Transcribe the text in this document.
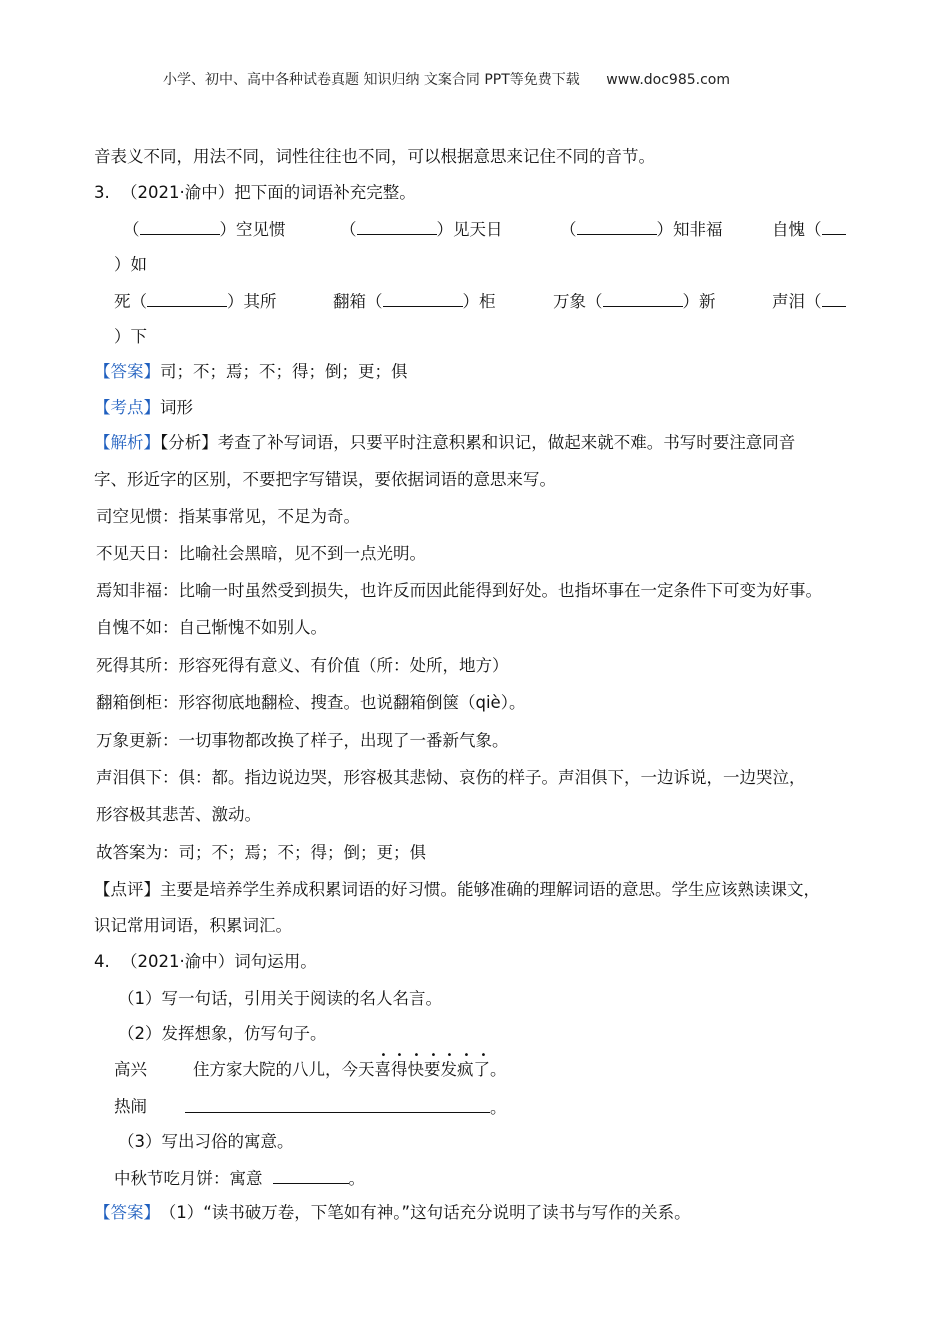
小学、初中、高中各种试卷真题 知识归纳 文案合同 PPT等免费下载 www.doc985.com
音表义不同，用法不同，词性往往也不同，可以根据意思来记住不同的音节。
3. （2021·渝中）把下面的词语补充完整。
（	）空见惯	（	）见天日	（	）知非福	自愧（
）如
死（	）其所	翻箱（	）柜	万象（	）新	声泪（
）下
【答案】司；不；焉；不；得；倒；更；俱
【考点】词形
【解析】【分析】考查了补写词语，只要平时注意积累和识记，做起来就不难。书写时要注意同音
字、形近字的区别，不要把字写错误，要依据词语的意思来写。
司空见惯：指某事常见，不足为奇。
不见天日：比喻社会黑暗，见不到一点光明。
焉知非福：比喻一时虽然受到损失，也许反而因此能得到好处。也指坏事在一定条件下可变为好事。
自愧不如：自己惭愧不如别人。
死得其所：形容死得有意义、有价值（所：处所，地方）
翻箱倒柜：形容彻底地翻检、搜查。也说翻箱倒箧（qiè）。
万象更新：一切事物都改换了样子，出现了一番新气象。
声泪俱下：俱：都。指边说边哭，形容极其悲恸、哀伤的样子。声泪俱下，一边诉说，一边哭泣，
形容极其悲苦、激动。
故答案为：司；不；焉；不；得；倒；更；俱
【点评】主要是培养学生养成积累词语的好习惯。能够准确的理解词语的意思。学生应该熟读课文，
识记常用词语，积累词汇。
4. （2021·渝中）词句运用。
（1）写一句话，引用关于阅读的名人名言。
（2）发挥想象，仿写句子。
高兴	住方家大院的八儿，今天
• • • • • • •
喜得快要发疯了。
热闹	。
（3）写出习俗的寓意。
中秋节吃月饼：寓意	。
【答案】 （1）“读书破万卷，下笔如有神。”这句话充分说明了读书与写作的关系。
